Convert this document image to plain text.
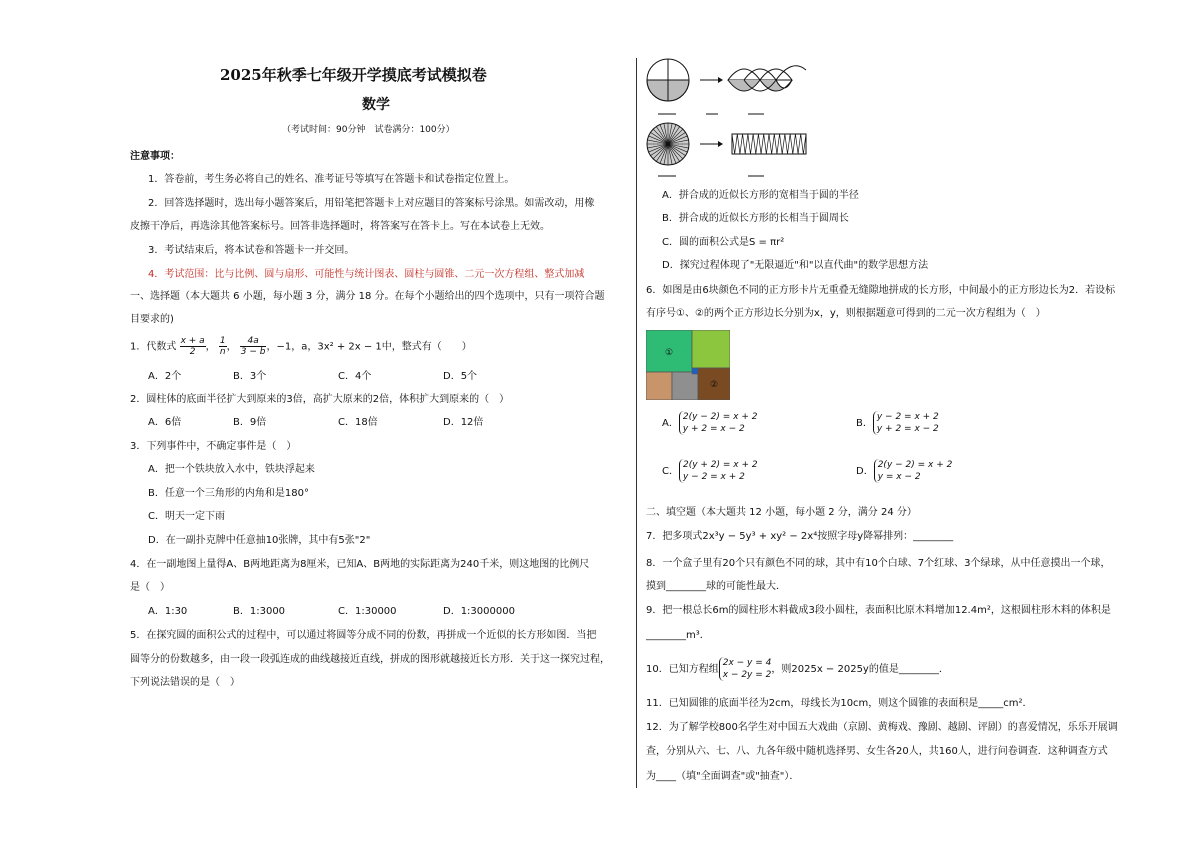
2025年秋季七年级开学摸底考试模拟卷
数学
（考试时间：90分钟　试卷满分：100分）
注意事项：
1．答卷前，考生务必将自己的姓名、准考证号等填写在答题卡和试卷指定位置上。
2．回答选择题时，选出每小题答案后，用铅笔把答题卡上对应题目的答案标号涂黑。如需改动，用橡
皮擦干净后，再选涂其他答案标号。回答非选择题时，将答案写在答卡上。写在本试卷上无效。
3．考试结束后，将本试卷和答题卡一并交回。
4．考试范围：比与比例、圆与扇形、可能性与统计图表、圆柱与圆锥、二元一次方程组、整式加减
一、选择题（本大题共 6 小题，每小题 3 分，满分 18 分。在每个小题给出的四个选项中，只有一项符合题
目要求的)
1．代数式 $\frac{x + a}{2}$ ， $\frac{1}{n}$ ， $\frac{4a}{3 - b}$ ，−1，a，3x² + 2x − 1中，整式有（　　）
A．2个	B．3个	C．4个	D．5个
2．圆柱体的底面半径扩大到原来的3倍，高扩大原来的2倍，体积扩大到原来的（　）
A．6倍	B．9倍	C．18倍	D．12倍
3．下列事件中，不确定事件是（　）
A．把一个铁块放入水中，铁块浮起来
B．任意一个三角形的内角和是180°
C．明天一定下雨
D．在一副扑克牌中任意抽10张牌，其中有5张"2"
4．在一副地图上量得A、B两地距离为8厘米，已知A、B两地的实际距离为240千米，则这地图的比例尺
是（　）
A．1:30	B．1:3000	C．1:30000	D．1:3000000
5．在探究圆的面积公式的过程中，可以通过将圆等分成不同的份数，再拼成一个近似的长方形如图．当把
圆等分的份数越多，由一段一段弧连成的曲线越接近直线，拼成的图形就越接近长方形．关于这一探究过程，
下列说法错误的是（　）
A．拼合成的近似长方形的宽相当于圆的半径
B．拼合成的近似长方形的长相当于圆周长
C．圆的面积公式是S = πr²
D．探究过程体现了"无限逼近"和"以直代曲"的数学思想方法
6．如图是由6块颜色不同的正方形卡片无重叠无缝隙地拼成的长方形，中间最小的正方形边长为2．若设标
有序号①、②的两个正方形边长分别为x，y，则根据题意可得到的二元一次方程组为（　）
①
②
A．2(y − 2) = x + 2
y + 2 = x − 2	B．y − 2 = x + 2
y + 2 = x − 2
C．2(y + 2) = x + 2
y − 2 = x + 2	D．2(y − 2) = x + 2
y = x − 2
二、填空题（本大题共 12 小题，每小题 2 分，满分 24 分）
7．把多项式2x³y − 5y³ + xy² − 2x⁴按照字母y降幂排列：________
8．一个盒子里有20个只有颜色不同的球，其中有10个白球、7个红球、3个绿球，从中任意摸出一个球，
摸到________球的可能性最大．
9．把一根总长6m的圆柱形木料截成3段小圆柱，表面积比原木料增加12.4m²，这根圆柱形木料的体积是
________m³．
10．已知方程组2x − y = 4
x − 2y = 2，则2025x − 2025y的值是________．
11．已知圆锥的底面半径为2cm，母线长为10cm，则这个圆锥的表面积是_____cm²．
12．为了解学校800名学生对中国五大戏曲（京剧、黄梅戏、豫剧、越剧、评剧）的喜爱情况，乐乐开展调
查，分别从六、七、八、九各年级中随机选择男、女生各20人，共160人，进行问卷调查．这种调查方式
为____（填"全面调查"或"抽查"）．
